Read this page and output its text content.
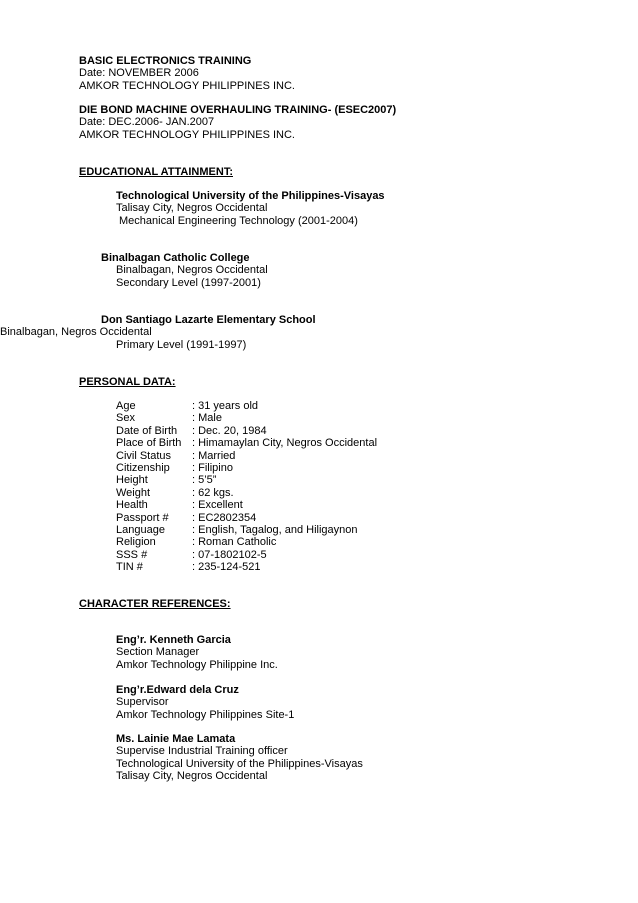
BASIC ELECTRONICS TRAINING
Date: NOVEMBER 2006
AMKOR TECHNOLOGY PHILIPPINES INC.
DIE BOND MACHINE OVERHAULING TRAINING- (ESEC2007)
Date: DEC.2006- JAN.2007
AMKOR TECHNOLOGY PHILIPPINES INC.
EDUCATIONAL ATTAINMENT:
Technological University of the Philippines-Visayas
Talisay City, Negros Occidental
Mechanical Engineering Technology (2001-2004)
Binalbagan Catholic College
Binalbagan, Negros Occidental
Secondary Level (1997-2001)
Don Santiago Lazarte Elementary School
Binalbagan, Negros Occidental
Primary Level (1991-1997)
PERSONAL DATA:
Age	: 31 years old
Sex	: Male
Date of Birth	: Dec. 20, 1984
Place of Birth : Himamaylan City, Negros Occidental
Civil Status	: Married
Citizenship	: Filipino
Height	: 5’5”
Weight	: 62 kgs.
Health	: Excellent
Passport #	: EC2802354
Language	: English, Tagalog, and Hiligaynon
Religion	: Roman Catholic
SSS #	: 07-1802102-5
TIN #	: 235-124-521
CHARACTER REFERENCES:
Eng’r. Kenneth Garcia
Section Manager
Amkor Technology Philippine Inc.
Eng’r.Edward dela Cruz
Supervisor
Amkor Technology Philippines Site-1
Ms. Lainie Mae Lamata
Supervise Industrial Training officer
Technological University of the Philippines-Visayas
Talisay City, Negros Occidental
